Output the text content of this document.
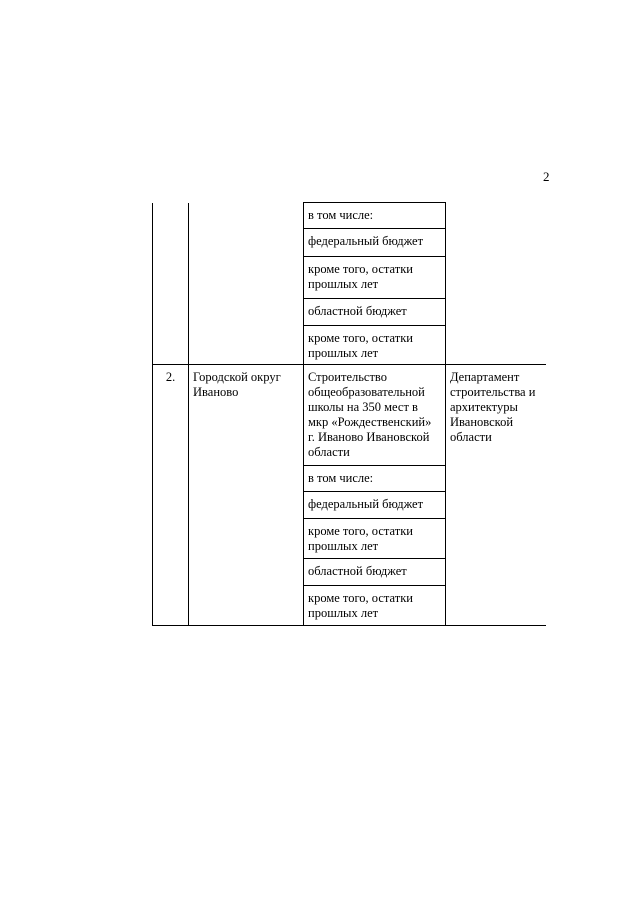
2
		в том числе:	
		федеральный бюджет	
		кроме того, остатки прошлых лет	
		областной бюджет	
		кроме того, остатки прошлых лет	
2.	Городской округ Иваново	Строительство общеобразовательной школы на 350 мест в мкр «Рождественский» г. Иваново Ивановской области	Департамент строительства и архитектуры Ивановской области
		в том числе:	
		федеральный бюджет	
		кроме того, остатки прошлых лет	
		областной бюджет	
		кроме того, остатки прошлых лет	
